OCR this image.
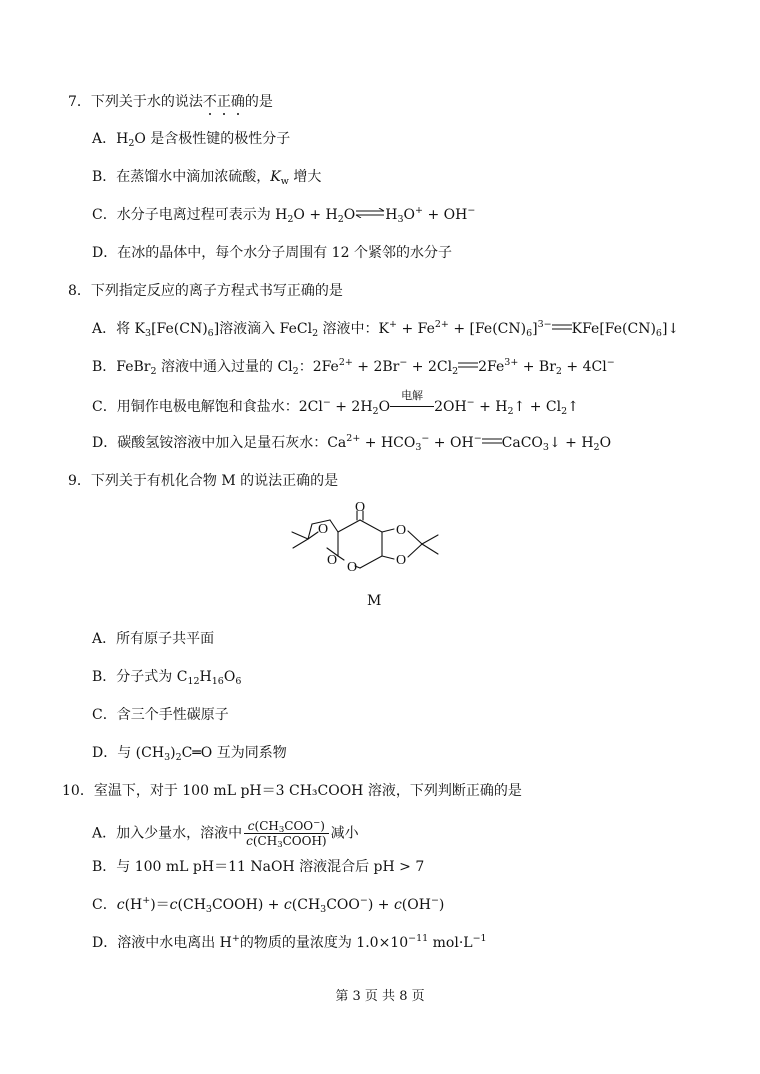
7．下列关于水的说法不正确的是
A．$H_2O$ 是含极性键的极性分子
B．在蒸馏水中滴加浓硫酸，$K_w$ 增大
C．水分子电离过程可表示为 $H_2O$ + $H_2O\rightleftharpoons H_3O^+ + OH^-$
D．在冰的晶体中，每个水分子周围有 12 个紧邻的水分子
8．下列指定反应的离子方程式书写正确的是
A．将 $K_3[Fe(CN)_6]$溶液滴入 FeCl$_2$ 溶液中：$K^+ + Fe^{2+} + [Fe(CN)_6]^{3-}$ $KFe[Fe(CN)_6]↓$
B．FeBr$_2$ 溶液中通入过量的 $Cl_2$：$2Fe^{2+} + 2Br^- + 2Cl_2$ $2Fe^{3+} + Br_2 + 4Cl^-$
C．用铜作电极电解饱和食盐水：$2Cl^- + 2H_2O$
电解
$2OH^- + H_2↑$ + $Cl_2↑$
D．碳酸氢铵溶液中加入足量石灰水：$Ca^{2+} + HCO_3^- + OH^-$ CaCO$_3$↓ + $H_2O$
9．下列关于有机化合物 M 的说法正确的是
O
O
O O
O
O
M
A．所有原子共平面
B．分子式为 $C_{12}H_{16}O_6$
C．含三个手性碳原子
D．与 $(CH_3)_2C═O$ 互为同系物
10．室温下，对于 100 mL pH＝3 CH₃COOH 溶液，下列判断正确的是
A．加入少量水，溶液中 $\frac{c(CH_3COO^-)}{c(CH_3COOH)}$ 减小
B．与 100 mL pH＝11 NaOH 溶液混合后 pH > 7
C．$c(H^+)=c(CH_3COOH) + c(CH_3COO^-) + c(OH^-)$
D．溶液中水电离出 H+的物质的量浓度为 $1.0\times 10^{-11}$ $mol\cdot L^{-1}$
第 3 页 共 8 页
